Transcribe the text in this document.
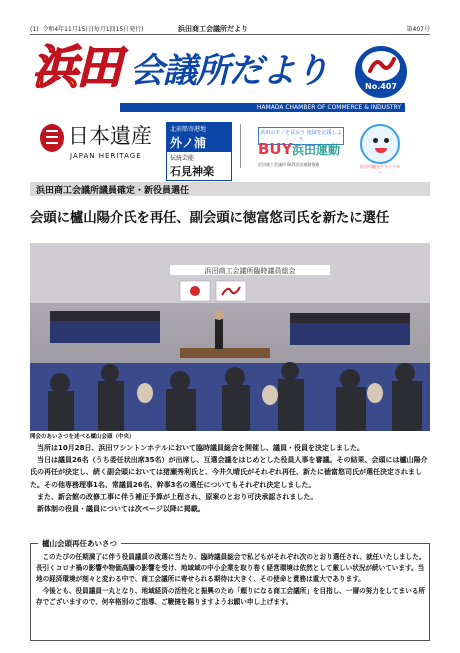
(1) 令和4年11月15日(毎月1回15日発行)	浜田商工会議所だより	第407号
浜田 会議所だより	No.407
HAMADA CHAMBER OF COMMERCE & INDUSTRY
日本遺産
JAPAN HERITAGE
北前船寄港地
外ノ浦
伝統芸能
石見神楽
浜田のモノを買おう 地域を応援しよう
BUY 浜田運動
浜田商工会議所 BUY浜田運動推進	浜田市観光キャラクター
浜田商工会議所議員確定・新役員選任
会頭に櫨山陽介氏を再任、副会頭に徳富悠司氏を新たに選任
浜田商工会議所臨時議員総会
開会のあいさつを述べる櫨山会頭（中央）

当所は10月28日、浜田ワシントンホテルにおいて臨時議員総会を開催し、議員・役員を決定しました。

当日は議員26名（うち委任状出席35名）が出席し、互選会議をはじめとした役員人事を審議。その結果、会頭には櫨山陽介氏の再任が決定し、続く副会頭においては猪瀬秀利氏と、今井久晴氏がそれぞれ再任、新たに徳富悠司氏が選任決定されました。その他専務理事1名、常議員26名、幹事3名の選任についてもそれぞれ決定しました。

また、新会館の改修工事に伴う補正予算が上程され、原案のとおり可決承認されました。

新体制の役員・議員については次ページ以降に掲載。

櫨山会頭再任あいさつ

このたびの任期満了に伴う役員議員の改選に当たり、臨時議員総会で私どもがそれぞれ次のとおり選任され、就任いたしました。長引くコロナ禍の影響や物価高騰の影響を受け、地域域の中小企業を取り巻く経営環境は依然として厳しい状況が続いています。当地の経済環境が刻々と変わる中で、商工会議所に寄せられる期待は大きく、その使命と責務は重大であります。

今後とも、役員議員一丸となり、地域経済の活性化と振興のため「頼りになる商工会議所」を目指し、一層の努力をしてまいる所存でございますので、何卒格別のご指導、ご鞭撻を賜りますようお願い申し上げます。
